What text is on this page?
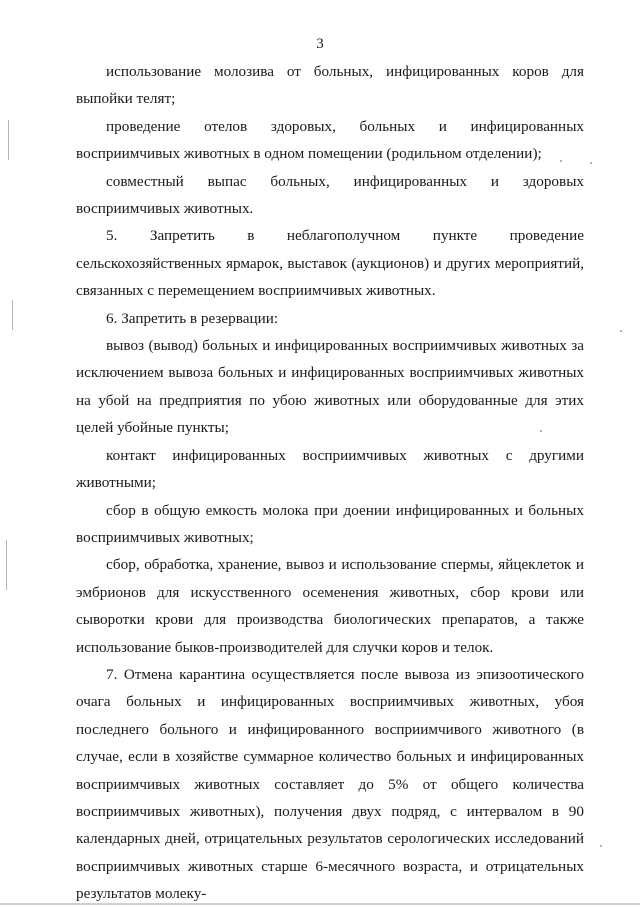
3

использование молозива от больных, инфицированных коров для выпойки телят;

проведение отелов здоровых, больных и инфицированных восприимчивых животных в одном помещении (родильном отделении);

совместный выпас больных, инфицированных и здоровых восприимчивых животных.

5. Запретить в неблагополучном пункте проведение сельскохозяйственных ярмарок, выставок (аукционов) и других мероприятий, связанных с перемещением восприимчивых животных.

6. Запретить в резервации:

вывоз (вывод) больных и инфицированных восприимчивых животных за исключением вывоза больных и инфицированных восприимчивых животных на убой на предприятия по убою животных или оборудованные для этих целей убойные пункты;

контакт инфицированных восприимчивых животных с другими животными;

сбор в общую емкость молока при доении инфицированных и больных восприимчивых животных;

сбор, обработка, хранение, вывоз и использование спермы, яйцеклеток и эмбрионов для искусственного осеменения животных, сбор крови или сыворотки крови для производства биологических препаратов, а также использование быков-производителей для случки коров и телок.

7. Отмена карантина осуществляется после вывоза из эпизоотического очага больных и инфицированных восприимчивых животных, убоя последнего больного и инфицированного восприимчивого животного (в случае, если в хозяйстве суммарное количество больных и инфицированных восприимчивых животных составляет до 5% от общего количества восприимчивых животных), получения двух подряд, с интервалом в 90 календарных дней, отрицательных результатов серологических исследований восприимчивых животных старше 6-месячного возраста, и отрицательных результатов молеку-
